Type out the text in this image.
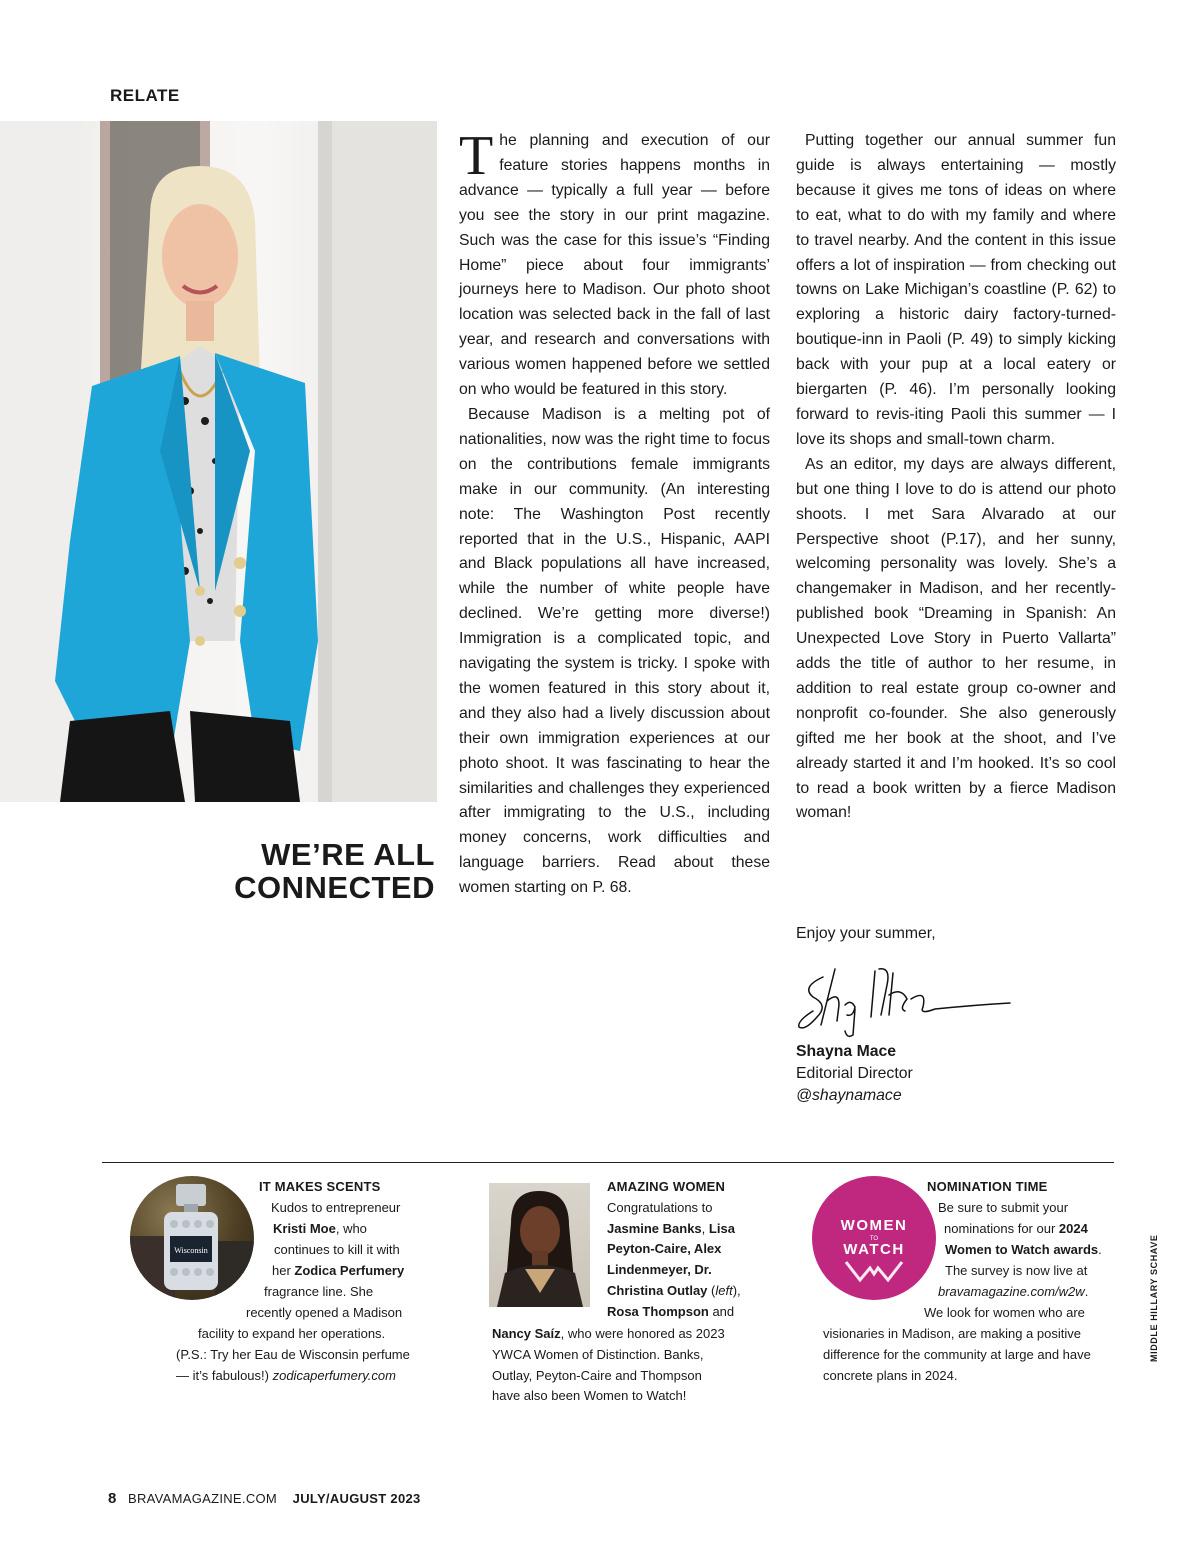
RELATE
WE’RE ALL
CONNECTED

The planning and execution of our feature stories happens months in advance — typically a full year — before you see the story in our print magazine. Such was the case for this issue’s “Finding Home” piece about four immigrants’ journeys here to Madison. Our photo shoot location was selected back in the fall of last year, and research and conversations with various women happened before we settled on who would be featured in this story.

Because Madison is a melting pot of nationalities, now was the right time to focus on the contributions female immigrants make in our community. (An interesting note: The Washington Post recently reported that in the U.S., Hispanic, AAPI and Black populations all have increased, while the number of white people have declined. We’re getting more diverse!) Immigration is a complicated topic, and navigating the system is tricky. I spoke with the women featured in this story about it, and they also had a lively discussion about their own immigration experiences at our photo shoot. It was fascinating to hear the similarities and challenges they experienced after immigrating to the U.S., including money concerns, work difficulties and language barriers. Read about these women starting on P. 68.

Putting together our annual summer fun guide is always entertaining — mostly because it gives me tons of ideas on where to eat, what to do with my family and where to travel nearby. And the content in this issue offers a lot of inspiration — from checking out towns on Lake Michigan’s coastline (P. 62) to exploring a historic dairy factory-turned-boutique-inn in Paoli (P. 49) to simply kicking back with your pup at a local eatery or biergarten (P. 46). I’m personally looking forward to revis-iting Paoli this summer — I love its shops and small-town charm.

As an editor, my days are always different, but one thing I love to do is attend our photo shoots. I met Sara Alvarado at our Perspective shoot (P.17), and her sunny, welcoming personality was lovely. She’s a changemaker in Madison, and her recently-published book “Dreaming in Spanish: An Unexpected Love Story in Puerto Vallarta” adds the title of author to her resume, in addition to real estate group co-owner and nonprofit co-founder. She also generously gifted me her book at the shoot, and I’ve already started it and I’m hooked. It’s so cool to read a book written by a fierce Madison woman!

Enjoy your summer,
Shayna Mace
Editorial Director
@shaynamace
Wisconsin
IT MAKES SCENTS
Kudos to entrepreneur
Kristi Moe, who
continues to kill it with
her Zodica Perfumery
fragrance line. She
recently opened a Madison
facility to expand her operations.
(P.S.: Try her Eau de Wisconsin perfume
— it’s fabulous!) zodicaperfumery.com
AMAZING WOMEN
Congratulations to
Jasmine Banks, Lisa
Peyton-Caire, Alex
Lindenmeyer, Dr.
Christina Outlay (left),
Rosa Thompson and
Nancy Saíz, who were honored as 2023
YWCA Women of Distinction. Banks,
Outlay, Peyton-Caire and Thompson
have also been Women to Watch!
WOMEN
TO
WATCH
NOMINATION TIME
Be sure to submit your
nominations for our 2024
Women to Watch awards.
The survey is now live at
bravamagazine.com/w2w.
We look for women who are
visionaries in Madison, are making a positive
difference for the community at large and have
concrete plans in 2024.
MIDDLE HILLARY SCHAVE
8 BRAVAMAGAZINE.COM JULY/AUGUST 2023
